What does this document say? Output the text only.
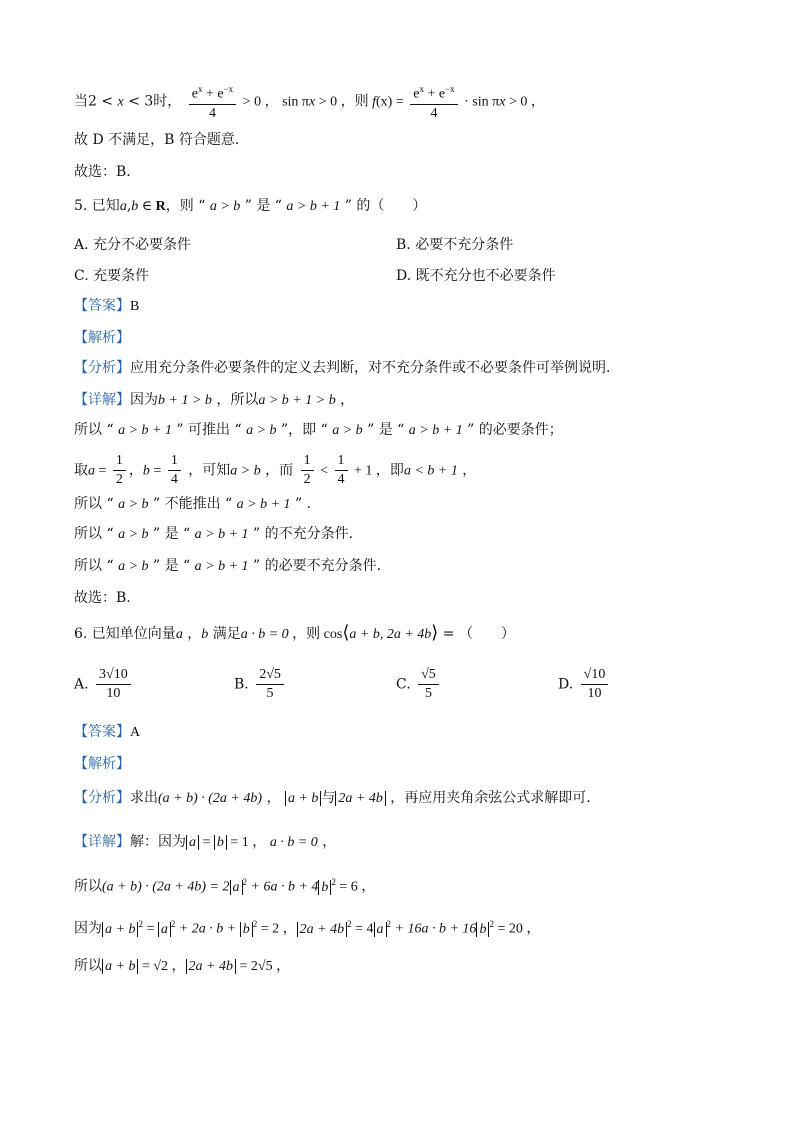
当2 < x < 3时， $\frac{e^x + e^{-x}}{4} > 0$ ， sin πx > 0 ，则 $f(x) = \frac{e^x + e^{-x}}{4} \cdot \sin \pi x > 0$ ，
故 D 不满足，B 符合题意.
故选：B.
5. 已知a,b ∈ R，则 “ a > b ” 是 “ a > b + 1 ” 的（　　）
A. 充分不必要条件	B. 必要不充分条件
C. 充要条件	D. 既不充分也不必要条件
【答案】B
【解析】
【分析】应用充分条件必要条件的定义去判断，对不充分条件或不必要条件可举例说明.
【详解】因为b + 1 > b ，所以a > b + 1 > b ，
所以 “ a > b + 1 ” 可推出 “ a > b ”，即 “ a > b ” 是 “ a > b + 1 ” 的必要条件；
取$a = \frac{1}{2}$ ，$b = \frac{1}{4}$ ，可知a > b ，而 $\frac{1}{2} < \frac{1}{4} + 1$ ，即a < b + 1 ，
所以 “ a > b ” 不能推出 “ a > b + 1 ” .
所以 “ a > b ” 是 “ a > b + 1 ” 的不充分条件.
所以 “ a > b ” 是 “ a > b + 1 ” 的必要不充分条件.
故选：B.
6. 已知单位向量a ，b 满足a · b = 0 ，则 cos⟨a + b, 2a + 4b⟩ = （　　）
A. $\frac{3√10}{10}$	B. $\frac{2√5}{5}$	C. $\frac{√5}{5}$	D. $\frac{√10}{10}$
【答案】A
【解析】
【分析】求出(a + b) · (2a + 4b) ， a + b 与 2a + 4b ，再应用夹角余弦公式求解即可.
【详解】解：因为 a = b = 1 ， a · b = 0 ，
所以(a + b) · (2a + 4b) = 2 a $^2$ + 6a · b + 4 b $^2$ = 6 ，
因为 a + b $^2$ = a $^2$ + 2a · b + b $^2$ = 2 ， 2a + 4b $^2$ = 4 a $^2$ + 16a · b + 16 b $^2$ = 20 ，
所以 a + b = √2 ， 2a + 4b = 2√5 ，
